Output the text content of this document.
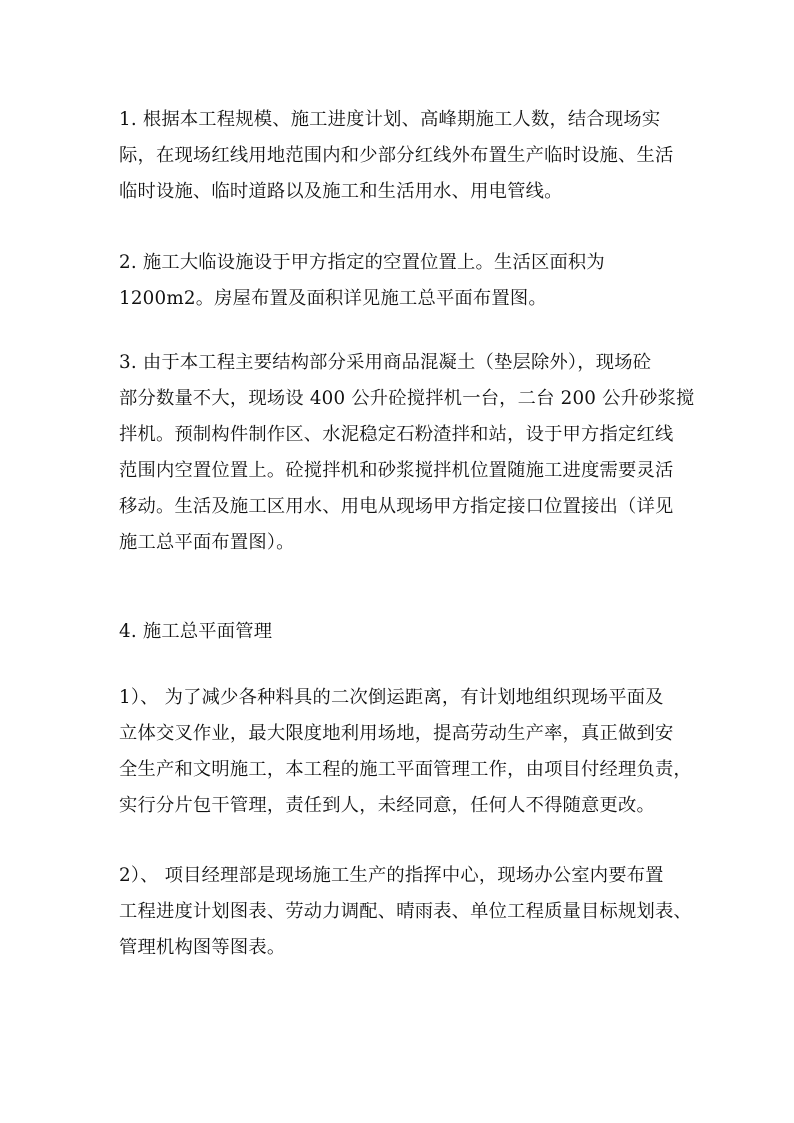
1. 根据本工程规模、施工进度计划、高峰期施工人数，结合现场实
际，在现场红线用地范围内和少部分红线外布置生产临时设施、生活
临时设施、临时道路以及施工和生活用水、用电管线。

2. 施工大临设施设于甲方指定的空置位置上。生活区面积为
1200m2。房屋布置及面积详见施工总平面布置图。

3. 由于本工程主要结构部分采用商品混凝土（垫层除外），现场砼
部分数量不大，现场设 400 公升砼搅拌机一台，二台 200 公升砂浆搅
拌机。预制构件制作区、水泥稳定石粉渣拌和站，设于甲方指定红线
范围内空置位置上。砼搅拌机和砂浆搅拌机位置随施工进度需要灵活
移动。生活及施工区用水、用电从现场甲方指定接口位置接出（详见
施工总平面布置图）。

4. 施工总平面管理

1）、 为了减少各种料具的二次倒运距离，有计划地组织现场平面及
立体交叉作业，最大限度地利用场地，提高劳动生产率，真正做到安
全生产和文明施工，本工程的施工平面管理工作，由项目付经理负责，
实行分片包干管理，责任到人，未经同意，任何人不得随意更改。

2）、 项目经理部是现场施工生产的指挥中心，现场办公室内要布置
工程进度计划图表、劳动力调配、晴雨表、单位工程质量目标规划表、
管理机构图等图表。
